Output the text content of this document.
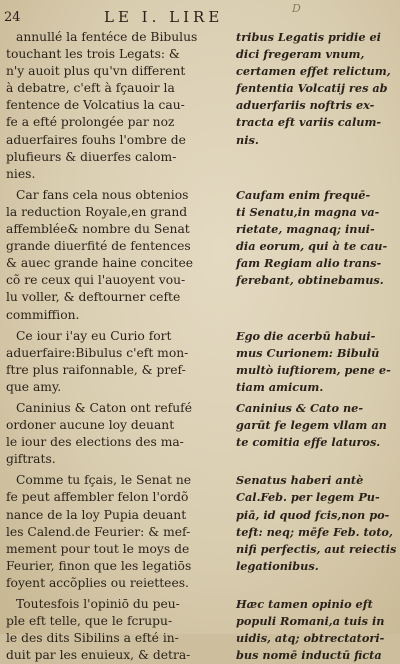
24	LE I. LIRE	D
annullé la fentéce de Bibulus
touchant les trois Legats: &
n'y auoit plus qu'vn different
à debatre, c'eft à fçauoir la
fentence de Volcatius la cau-
fe a efté prolongée par noz
aduerfaires fouhs l'ombre de
plufieurs & diuerfes calom-
nies.
Car fans cela nous obtenios
la reduction Royale,en grand
affemblée& nombre du Senat
grande diuerfité de fentences
& auec grande haine concitee
cõ re ceux qui l'auoyent vou-
lu voller, & deftourner cefte
commiffion.
Ce iour i'ay eu Curio fort
aduerfaire:Bibulus c'eft mon-
ftre plus raifonnable, & pref-
que amy.
Caninius & Caton ont refufé
ordoner aucune loy deuant
le iour des elections des ma-
giftrats.
Comme tu fçais, le Senat ne
fe peut affembler felon l'ordõ
nance de la loy Pupia deuant
les Calend.de Feurier: & mef-
mement pour tout le moys de
Feurier, finon que les legatiōs
foyent accõplies ou reiettees.
Toutesfois l'opiniō du peu-
ple eft telle, que le fcrupu-
le des dits Sibilins a efté in-
duit par les enuieux, & detra-
tribus Legatis pridie ei
dici fregeram vnum,
certamen effet relictum,
fententia Volcatij res ab
aduerfariis noftris ex-
tracta eft variis calum-
nis.

Caufam enim frequē-
ti Senatu,in magna va-
rietate, magnaq; inui-
dia eorum, qui à te cau-
fam Regiam alio trans-
ferebant, obtinebamus.

Ego die acerbū habui-
mus Curionem: Bibulū
multò iuftiorem, pene e-
tiam amicum.
Caninius & Cato ne-
garūt fe legem vllam an
te comitia effe laturos.

Senatus haberi antè
Cal.Feb. per legem Pu-
piā, id quod fcis,non po-
teft: neq; mēfe Feb. toto,
nifi perfectis, aut reiectis
legationibus.

Hæc tamen opinio eft
populi Romani,a tuis in
uidis, atq; obtrectatori-
bus nomē inductū ficta
